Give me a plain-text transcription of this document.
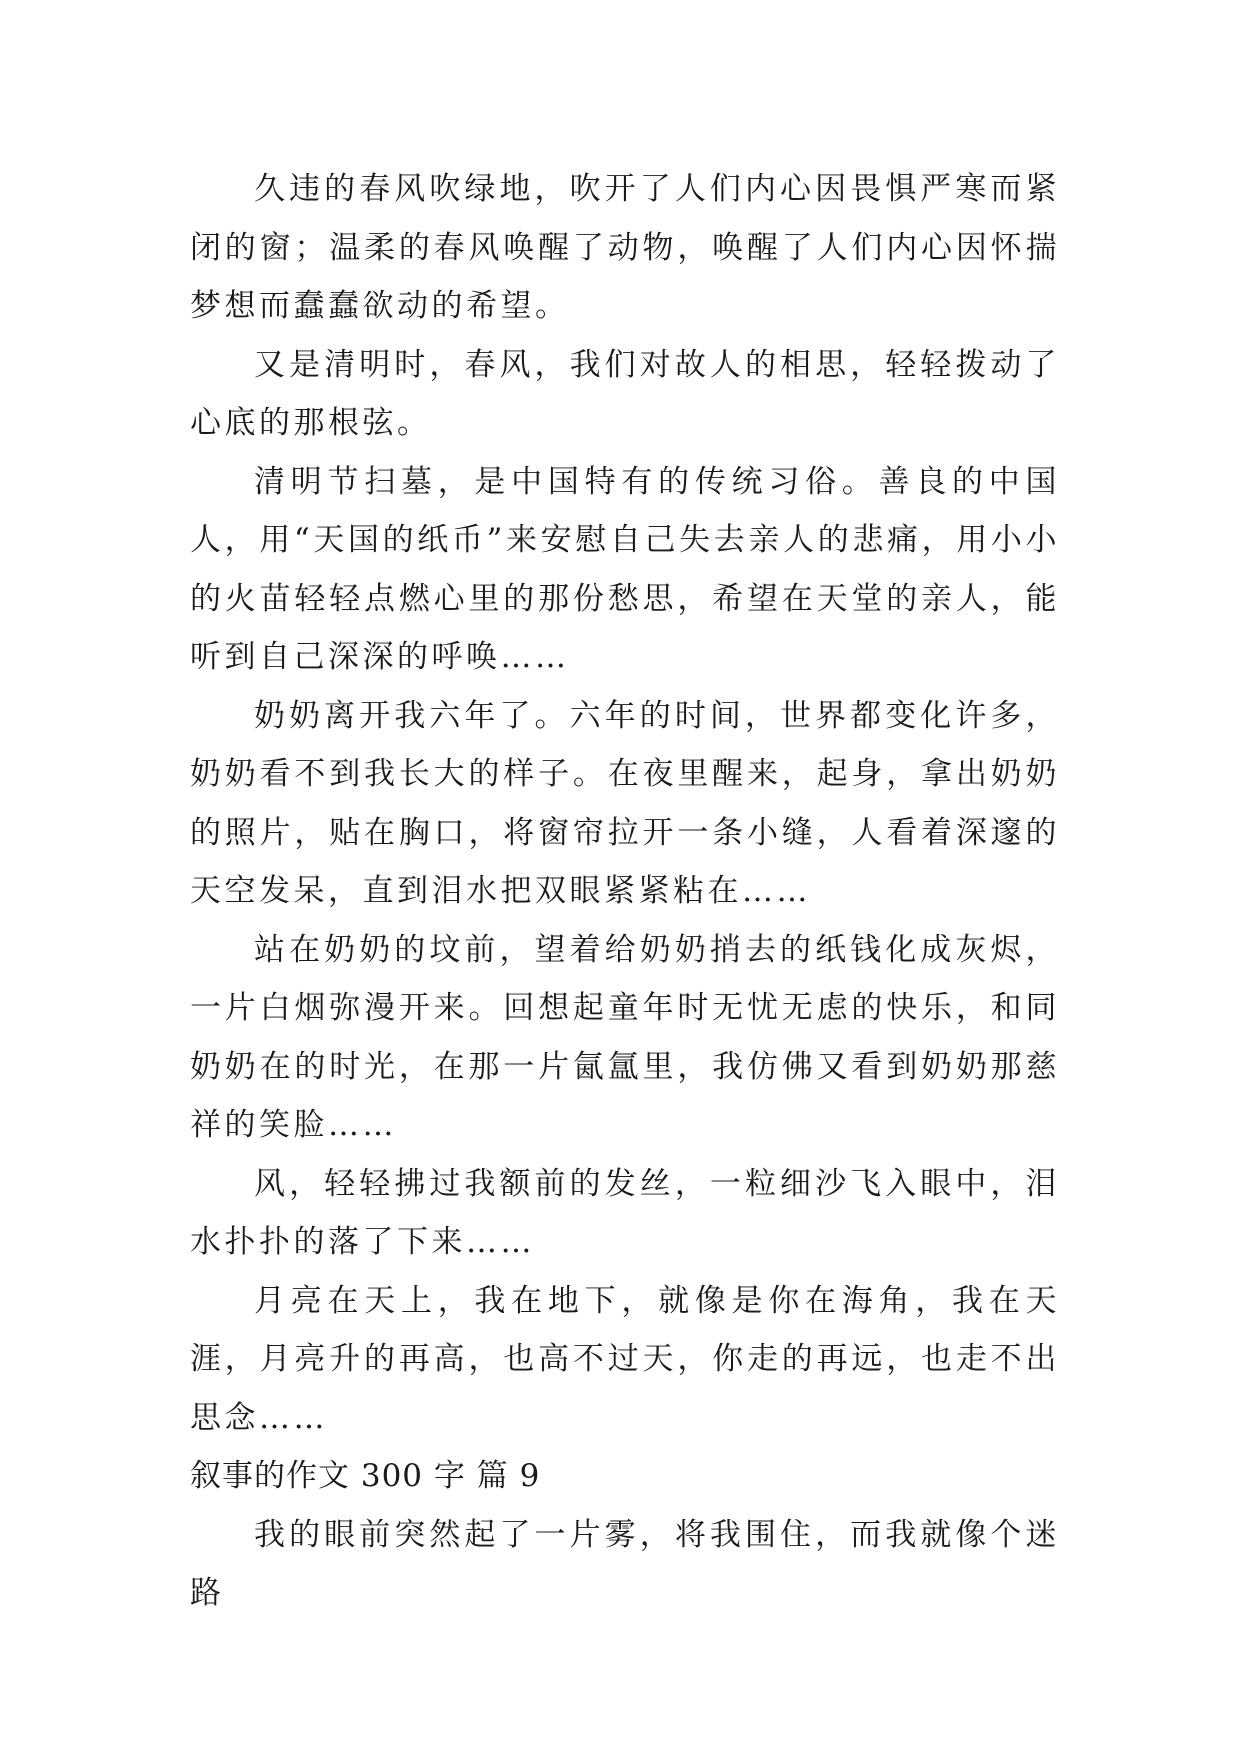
久违的春风吹绿地，吹开了人们内心因畏惧严寒而紧闭的窗；温柔的春风唤醒了动物，唤醒了人们内心因怀揣梦想而蠢蠢欲动的希望。

又是清明时，春风，我们对故人的相思，轻轻拨动了心底的那根弦。

清明节扫墓，是中国特有的传统习俗。善良的中国人，用“天国的纸币”来安慰自己失去亲人的悲痛，用小小的火苗轻轻点燃心里的那份愁思，希望在天堂的亲人，能听到自己深深的呼唤……

奶奶离开我六年了。六年的时间，世界都变化许多，奶奶看不到我长大的样子。在夜里醒来，起身，拿出奶奶的照片，贴在胸口，将窗帘拉开一条小缝，人看着深邃的天空发呆，直到泪水把双眼紧紧粘在……

站在奶奶的坟前，望着给奶奶捎去的纸钱化成灰烬，一片白烟弥漫开来。回想起童年时无忧无虑的快乐，和同奶奶在的时光，在那一片氤氲里，我仿佛又看到奶奶那慈祥的笑脸……

风，轻轻拂过我额前的发丝，一粒细沙飞入眼中，泪水扑扑的落了下来……

月亮在天上，我在地下，就像是你在海角，我在天涯，月亮升的再高，也高不过天，你走的再远，也走不出思念……

叙事的作文 300 字 篇 9

我的眼前突然起了一片雾，将我围住，而我就像个迷路
